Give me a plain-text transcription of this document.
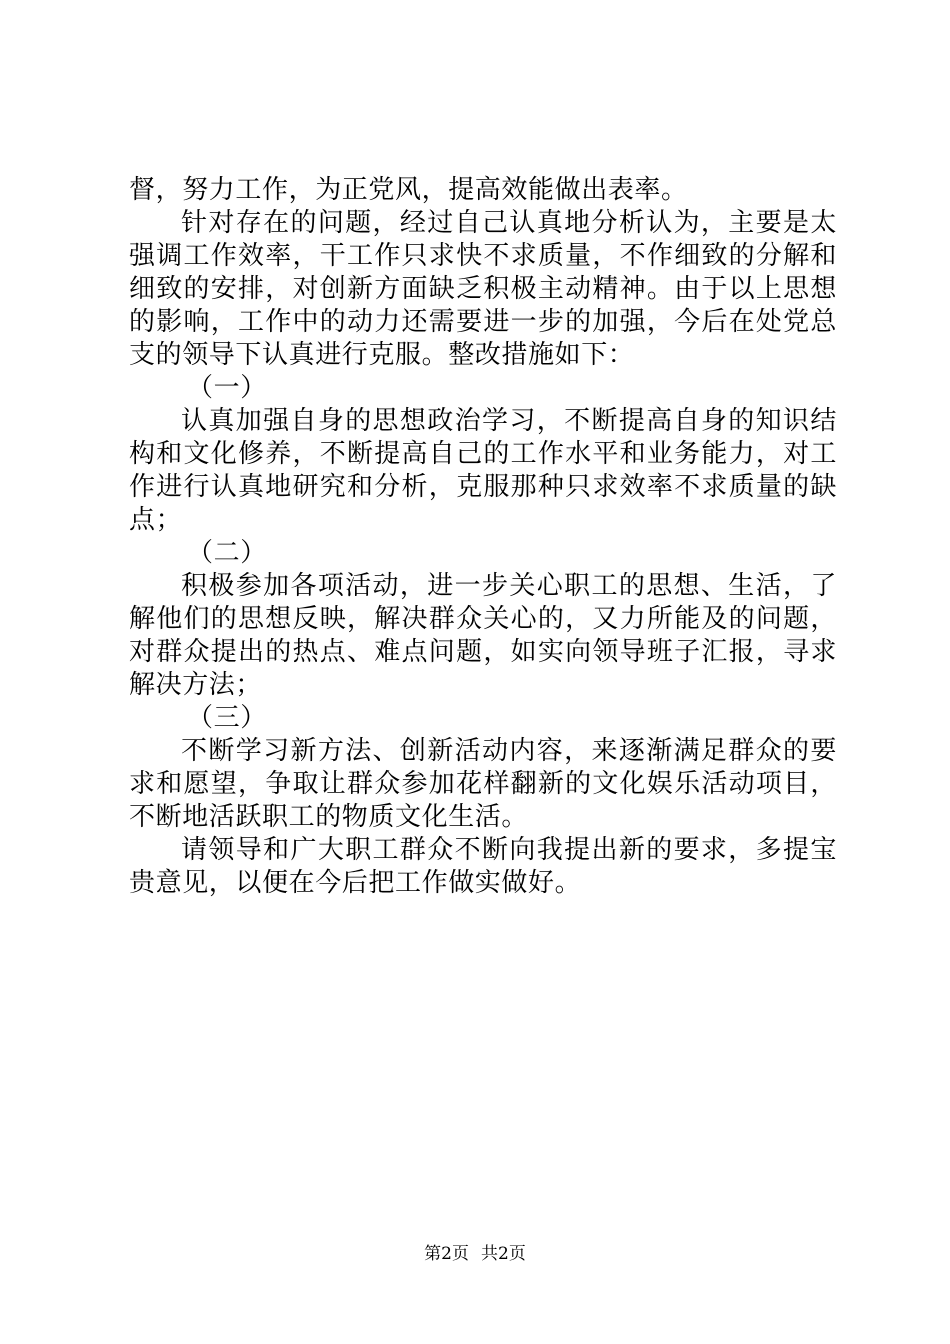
督，努力工作，为正党风，提高效能做出表率。

针对存在的问题，经过自己认真地分析认为，主要是太强调工作效率，干工作只求快不求质量，不作细致的分解和细致的安排，对创新方面缺乏积极主动精神。由于以上思想的影响，工作中的动力还需要进一步的加强，今后在处党总支的领导下认真进行克服。整改措施如下：

（一）

认真加强自身的思想政治学习，不断提高自身的知识结构和文化修养，不断提高自己的工作水平和业务能力，对工作进行认真地研究和分析，克服那种只求效率不求质量的缺点；

（二）

积极参加各项活动，进一步关心职工的思想、生活，了解他们的思想反映，解决群众关心的，又力所能及的问题，对群众提出的热点、难点问题，如实向领导班子汇报，寻求解决方法；

（三）

不断学习新方法、创新活动内容，来逐渐满足群众的要求和愿望，争取让群众参加花样翻新的文化娱乐活动项目，不断地活跃职工的物质文化生活。

请领导和广大职工群众不断向我提出新的要求，多提宝贵意见，以便在今后把工作做实做好。

第2页 共2页
